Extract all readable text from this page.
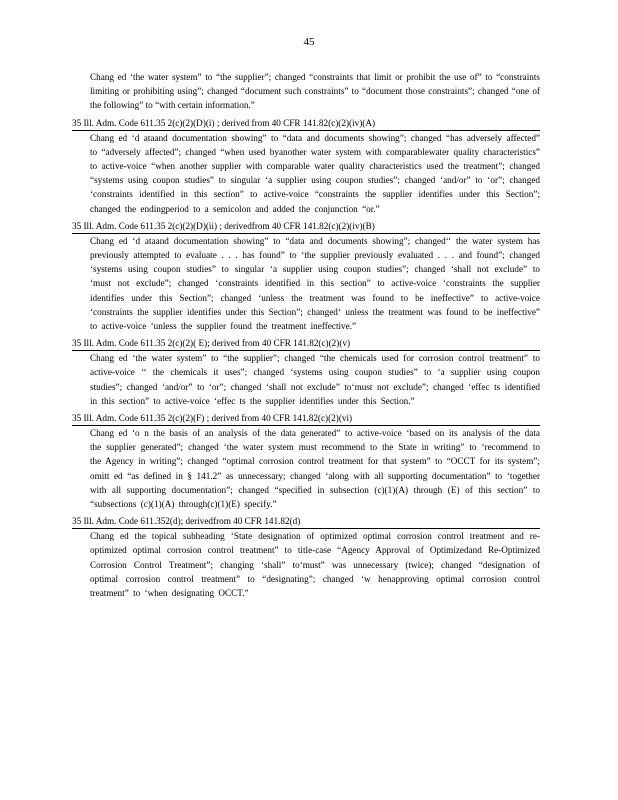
45
Chang ed ‘the water system” to “the supplier”; changed “constraints that limit or prohibit the use of” to “constraints limiting or prohibiting using”; changed “document such constraints” to “document those constraints”; changed “one of the following” to “with certain information.”
35 Ill. Adm. Code 611.35 2(c)(2)(D)(i) ; derived from 40 CFR 141.82(c)(2)(iv)(A)
Chang ed ‘d ataand documentation showing” to “data and documents showing”; changed “has adversely affected” to “adversely affected”; changed “when used byanother water system with comparablewater quality characteristics” to active-voice “when another supplier with comparable water quality characteristics used the treatment”; changed “systems using coupon studies” to singular ‘a supplier using coupon studies”; changed ‘and/or” to ‘or”; changed ‘constraints identified in this section” to active-voice “constraints the supplier identifies under this Section”; changed the endingperiod to a semicolon and added the conjunction “or.”
35 Ill. Adm. Code 611.35 2(c)(2)(D)(ii) ; derivedfrom 40 CFR 141.82(c)(2)(iv)(B)
Chang ed ‘d ataand documentation showing” to “data and documents showing”; changed‘‘ the water system has previously attempted to evaluate . . . has found” to ‘the supplier previously evaluated . . . and found”; changed ‘systems using coupon studies” to singular ‘a supplier using coupon studies”; changed ‘shall not exclude” to ‘must not exclude”; changed ‘constraints identified in this section” to active-voice ‘constraints the supplier identifies under this Section”; changed ‘unless the treatment was found to be ineffective” to active-voice ‘constraints the supplier identifies under this Section”; changed‘ unless the treatment was found to be ineffective” to active-voice ‘unless the supplier found the treatment ineffective.”
35 Ill. Adm. Code 611.35 2(c)(2)( E); derived from 40 CFR 141.82(c)(2)(v)
Chang ed ‘the water system” to “the supplier”; changed “the chemicals used for corrosion control treatment” to active-voice ‘‘ the chemicals it uses”; changed ‘systems using coupon studies” to ‘a supplier using coupon studies”; changed ‘and/or” to ‘or”; changed ‘shall not exclude” to‘must not exclude”; changed ‘effec ts identified in this section” to active-voice ‘effec ts the supplier identifies under this Section.”
35 Ill. Adm. Code 611.35 2(c)(2)(F) ; derived from 40 CFR 141.82(c)(2)(vi)
Chang ed ‘o n the basis of an analysis of the data generated” to active-voice ‘based on its analysis of the data the supplier generated”; changed ‘the water system must recommend to the State in writing” to ‘recommend to the Agency in writing”; changed “optimal corrosion control treatment for that system” to “OCCT for its system”; omitt ed “as defined in § 141.2” as unnecessary; changed ‘along with all supporting documentation” to ‘together with all supporting documentation”; changed “specified in subsection (c)(1)(A) through (E) of this section” to “subsections (c)(1)(A) through(c)(1)(E) specify.”
35 Ill. Adm. Code 611.352(d); derivedfrom 40 CFR 141.82(d)
Chang ed the topical subheading ‘State designation of optimized optimal corrosion control treatment and re-optimized optimal corrosion control treatment” to title-case “Agency Approval of Optimizedand Re-Optimized Corrosion Control Treatment”; changing ‘shall” to‘must” was unnecessary (twice); changed “designation of optimal corrosion control treatment” to “designating”; changed ‘w henapproving optimal corrosion control treatment” to ‘when designating OCCT.”
